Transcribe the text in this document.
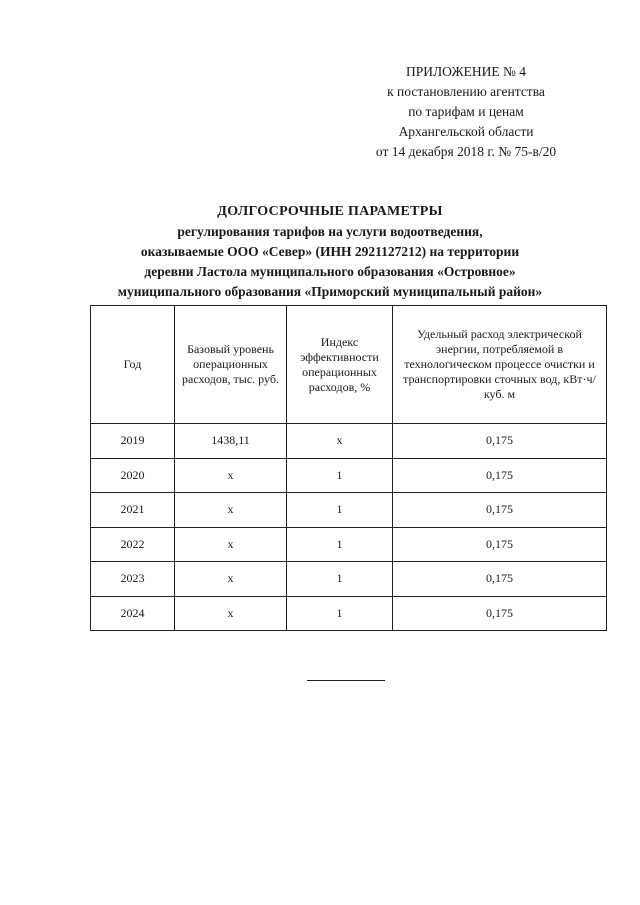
ПРИЛОЖЕНИЕ № 4
к постановлению агентства
по тарифам и ценам
Архангельской области
от 14 декабря 2018 г. № 75-в/20
ДОЛГОСРОЧНЫЕ ПАРАМЕТРЫ
регулирования тарифов на услуги водоотведения,
оказываемые ООО «Север» (ИНН 2921127212) на территории
деревни Ластола муниципального образования «Островное»
муниципального образования «Приморский муниципальный район»
Год	Базовый уровень операционных расходов, тыс. руб.	Индекс эффективности операционных расходов, %	Удельный расход электрической энергии, потребляемой в технологическом процессе очистки и транспортировки сточных вод, кВт·ч/куб. м
2019	1438,11	х	0,175
2020	х	1	0,175
2021	х	1	0,175
2022	х	1	0,175
2023	х	1	0,175
2024	х	1	0,175
